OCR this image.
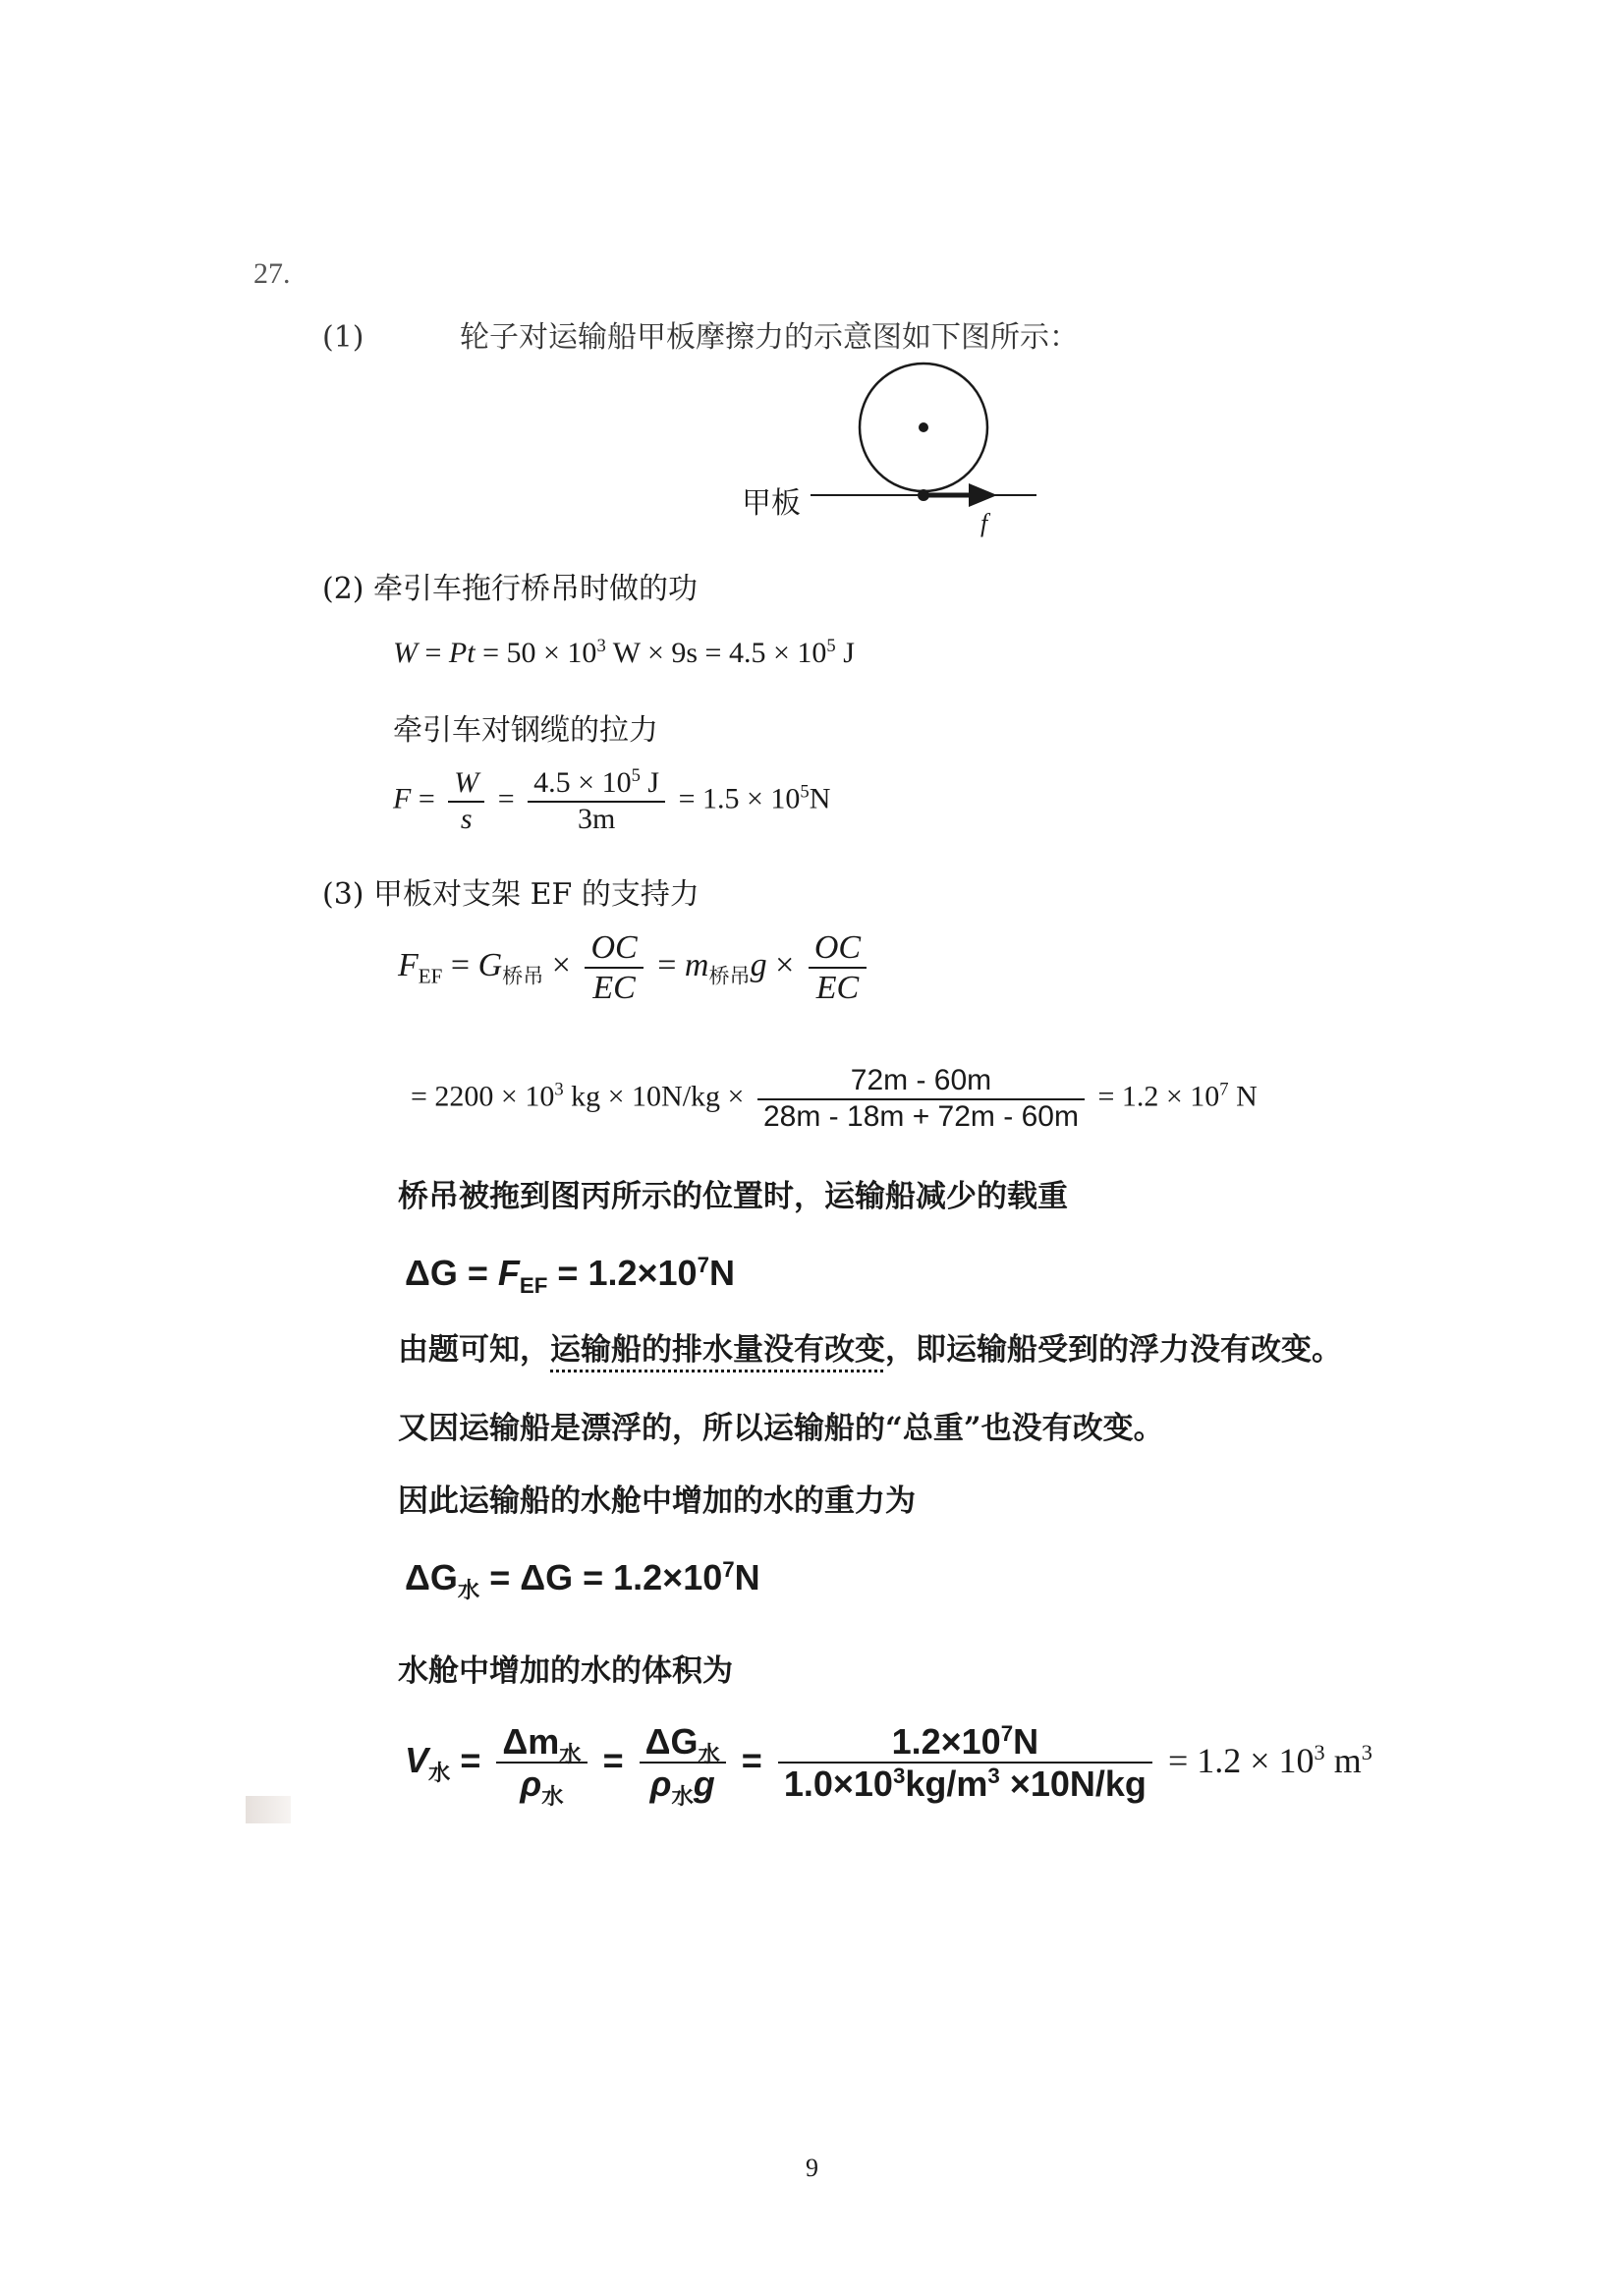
27.
(1)	轮子对运输船甲板摩擦力的示意图如下图所示：
甲板
f
(2) 牵引车拖行桥吊时做的功
$W = Pt = 50 \times 10^3$ $W \times 9s = 4.5 \times 10^5$ J
牵引车对钢缆的拉力
$F = \frac{W}{s} = \frac{4.5 \times 10^5 J}{3m} = 1.5 \times 10^5N$
(3) 甲板对支架 EF 的支持力
$F_{EF} = G_{桥吊} \times \frac{OC}{EC} = m_{桥吊}g \times \frac{OC}{EC}$
= $2200 \times 10^3$ kg × $10N/kg \times \frac{72m - 60m}{28m - 18m + 72m - 60m} = 1.2 \times 10^7$ N
桥吊被拖到图丙所示的位置时，运输船减少的载重
$\Delta G = F_{EF} = 1.2\times 10^7N$
由题可知，运输船的排水量没有改变，即运输船受到的浮力没有改变。
又因运输船是漂浮的，所以运输船的“总重”也没有改变。
因此运输船的水舱中增加的水的重力为
$\Delta G_水 = \Delta G = 1.2\times 10^7N$
水舱中增加的水的体积为
$V_水 = \frac{\Delta m_水}{\rho_水} = \frac{\Delta G_水}{\rho_水g} = \frac{1.2\times 10^7N}{1.0\times 10^3kg/m^3 \times 10N/kg} = 1.2 \times 10^3$ $m^3$
9
